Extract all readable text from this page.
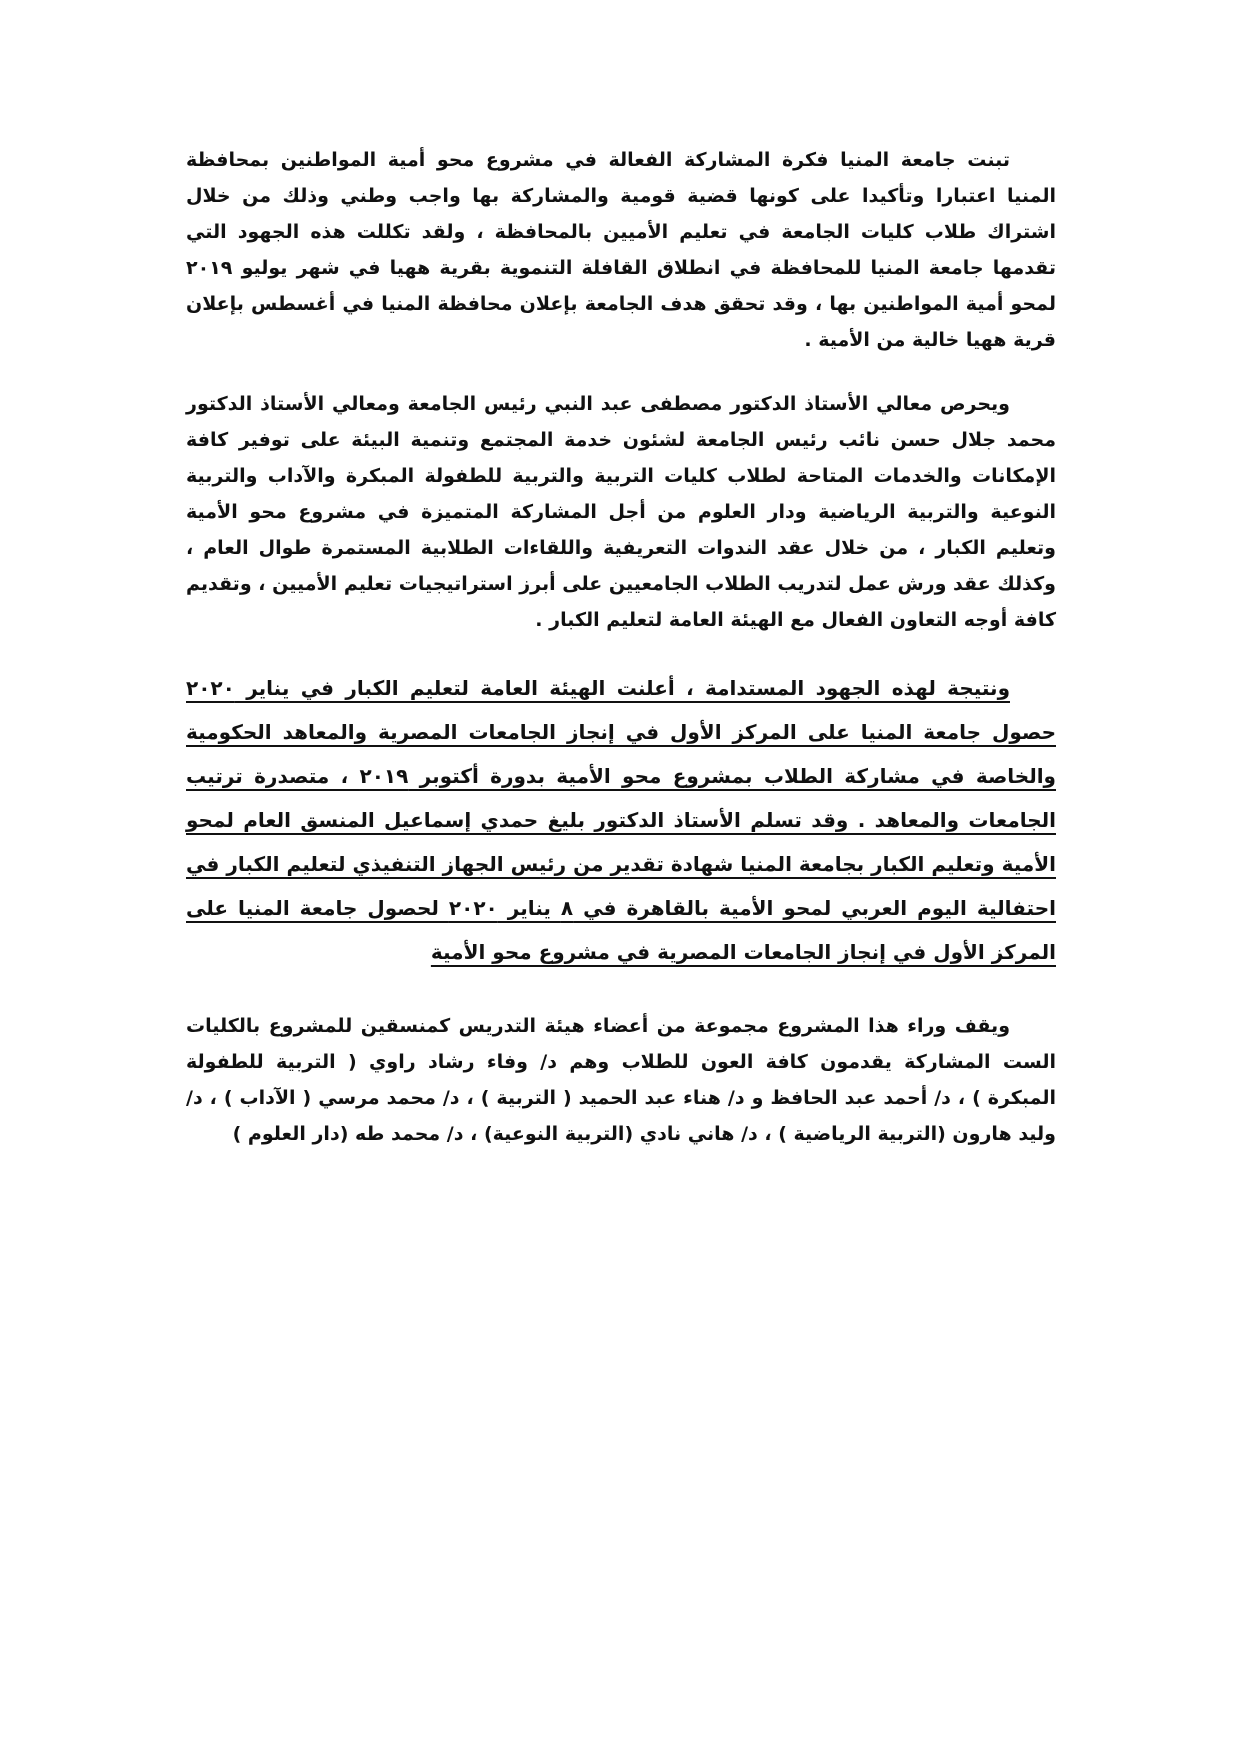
تبنت جامعة المنيا فكرة المشاركة الفعالة في مشروع محو أمية المواطنين بمحافظة المنيا اعتبارا وتأكيدا على كونها قضية قومية والمشاركة بها واجب وطني وذلك من خلال اشتراك طلاب كليات الجامعة في تعليم الأميين بالمحافظة ، ولقد تكللت هذه الجهود التي تقدمها جامعة المنيا للمحافظة في انطلاق القافلة التنموية بقرية ههيا في شهر يوليو ٢٠١٩ لمحو أمية المواطنين بها ، وقد تحقق هدف الجامعة بإعلان محافظة المنيا في أغسطس بإعلان قرية ههيا خالية من الأمية .

ويحرص معالي الأستاذ الدكتور مصطفى عبد النبي رئيس الجامعة ومعالي الأستاذ الدكتور محمد جلال حسن نائب رئيس الجامعة لشئون خدمة المجتمع وتنمية البيئة على توفير كافة الإمكانات والخدمات المتاحة لطلاب كليات التربية والتربية للطفولة المبكرة والآداب والتربية النوعية والتربية الرياضية ودار العلوم من أجل المشاركة المتميزة في مشروع محو الأمية وتعليم الكبار ، من خلال عقد الندوات التعريفية واللقاءات الطلابية المستمرة طوال العام ، وكذلك عقد ورش عمل لتدريب الطلاب الجامعيين على أبرز استراتيجيات تعليم الأميين ، وتقديم كافة أوجه التعاون الفعال مع الهيئة العامة لتعليم الكبار .

ونتيجة لهذه الجهود المستدامة ، أعلنت الهيئة العامة لتعليم الكبار في يناير ٢٠٢٠ حصول جامعة المنيا على المركز الأول في إنجاز الجامعات المصرية والمعاهد الحكومية والخاصة في مشاركة الطلاب بمشروع محو الأمية بدورة أكتوبر ٢٠١٩ ، متصدرة ترتيب الجامعات والمعاهد . وقد تسلم الأستاذ الدكتور بليغ حمدي إسماعيل المنسق العام لمحو الأمية وتعليم الكبار بجامعة المنيا شهادة تقدير من رئيس الجهاز التنفيذي لتعليم الكبار في احتفالية اليوم العربي لمحو الأمية بالقاهرة في ٨ يناير ٢٠٢٠ لحصول جامعة المنيا على المركز الأول في إنجاز الجامعات المصرية في مشروع محو الأمية

ويقف وراء هذا المشروع مجموعة من أعضاء هيئة التدريس كمنسقين للمشروع بالكليات الست المشاركة يقدمون كافة العون للطلاب وهم د/ وفاء رشاد راوي ( التربية للطفولة المبكرة ) ، د/ أحمد عبد الحافظ و د/ هناء عبد الحميد ( التربية ) ، د/ محمد مرسي ( الآداب ) ، د/ وليد هارون (التربية الرياضية ) ، د/ هاني نادي (التربية النوعية) ، د/ محمد طه (دار العلوم )
